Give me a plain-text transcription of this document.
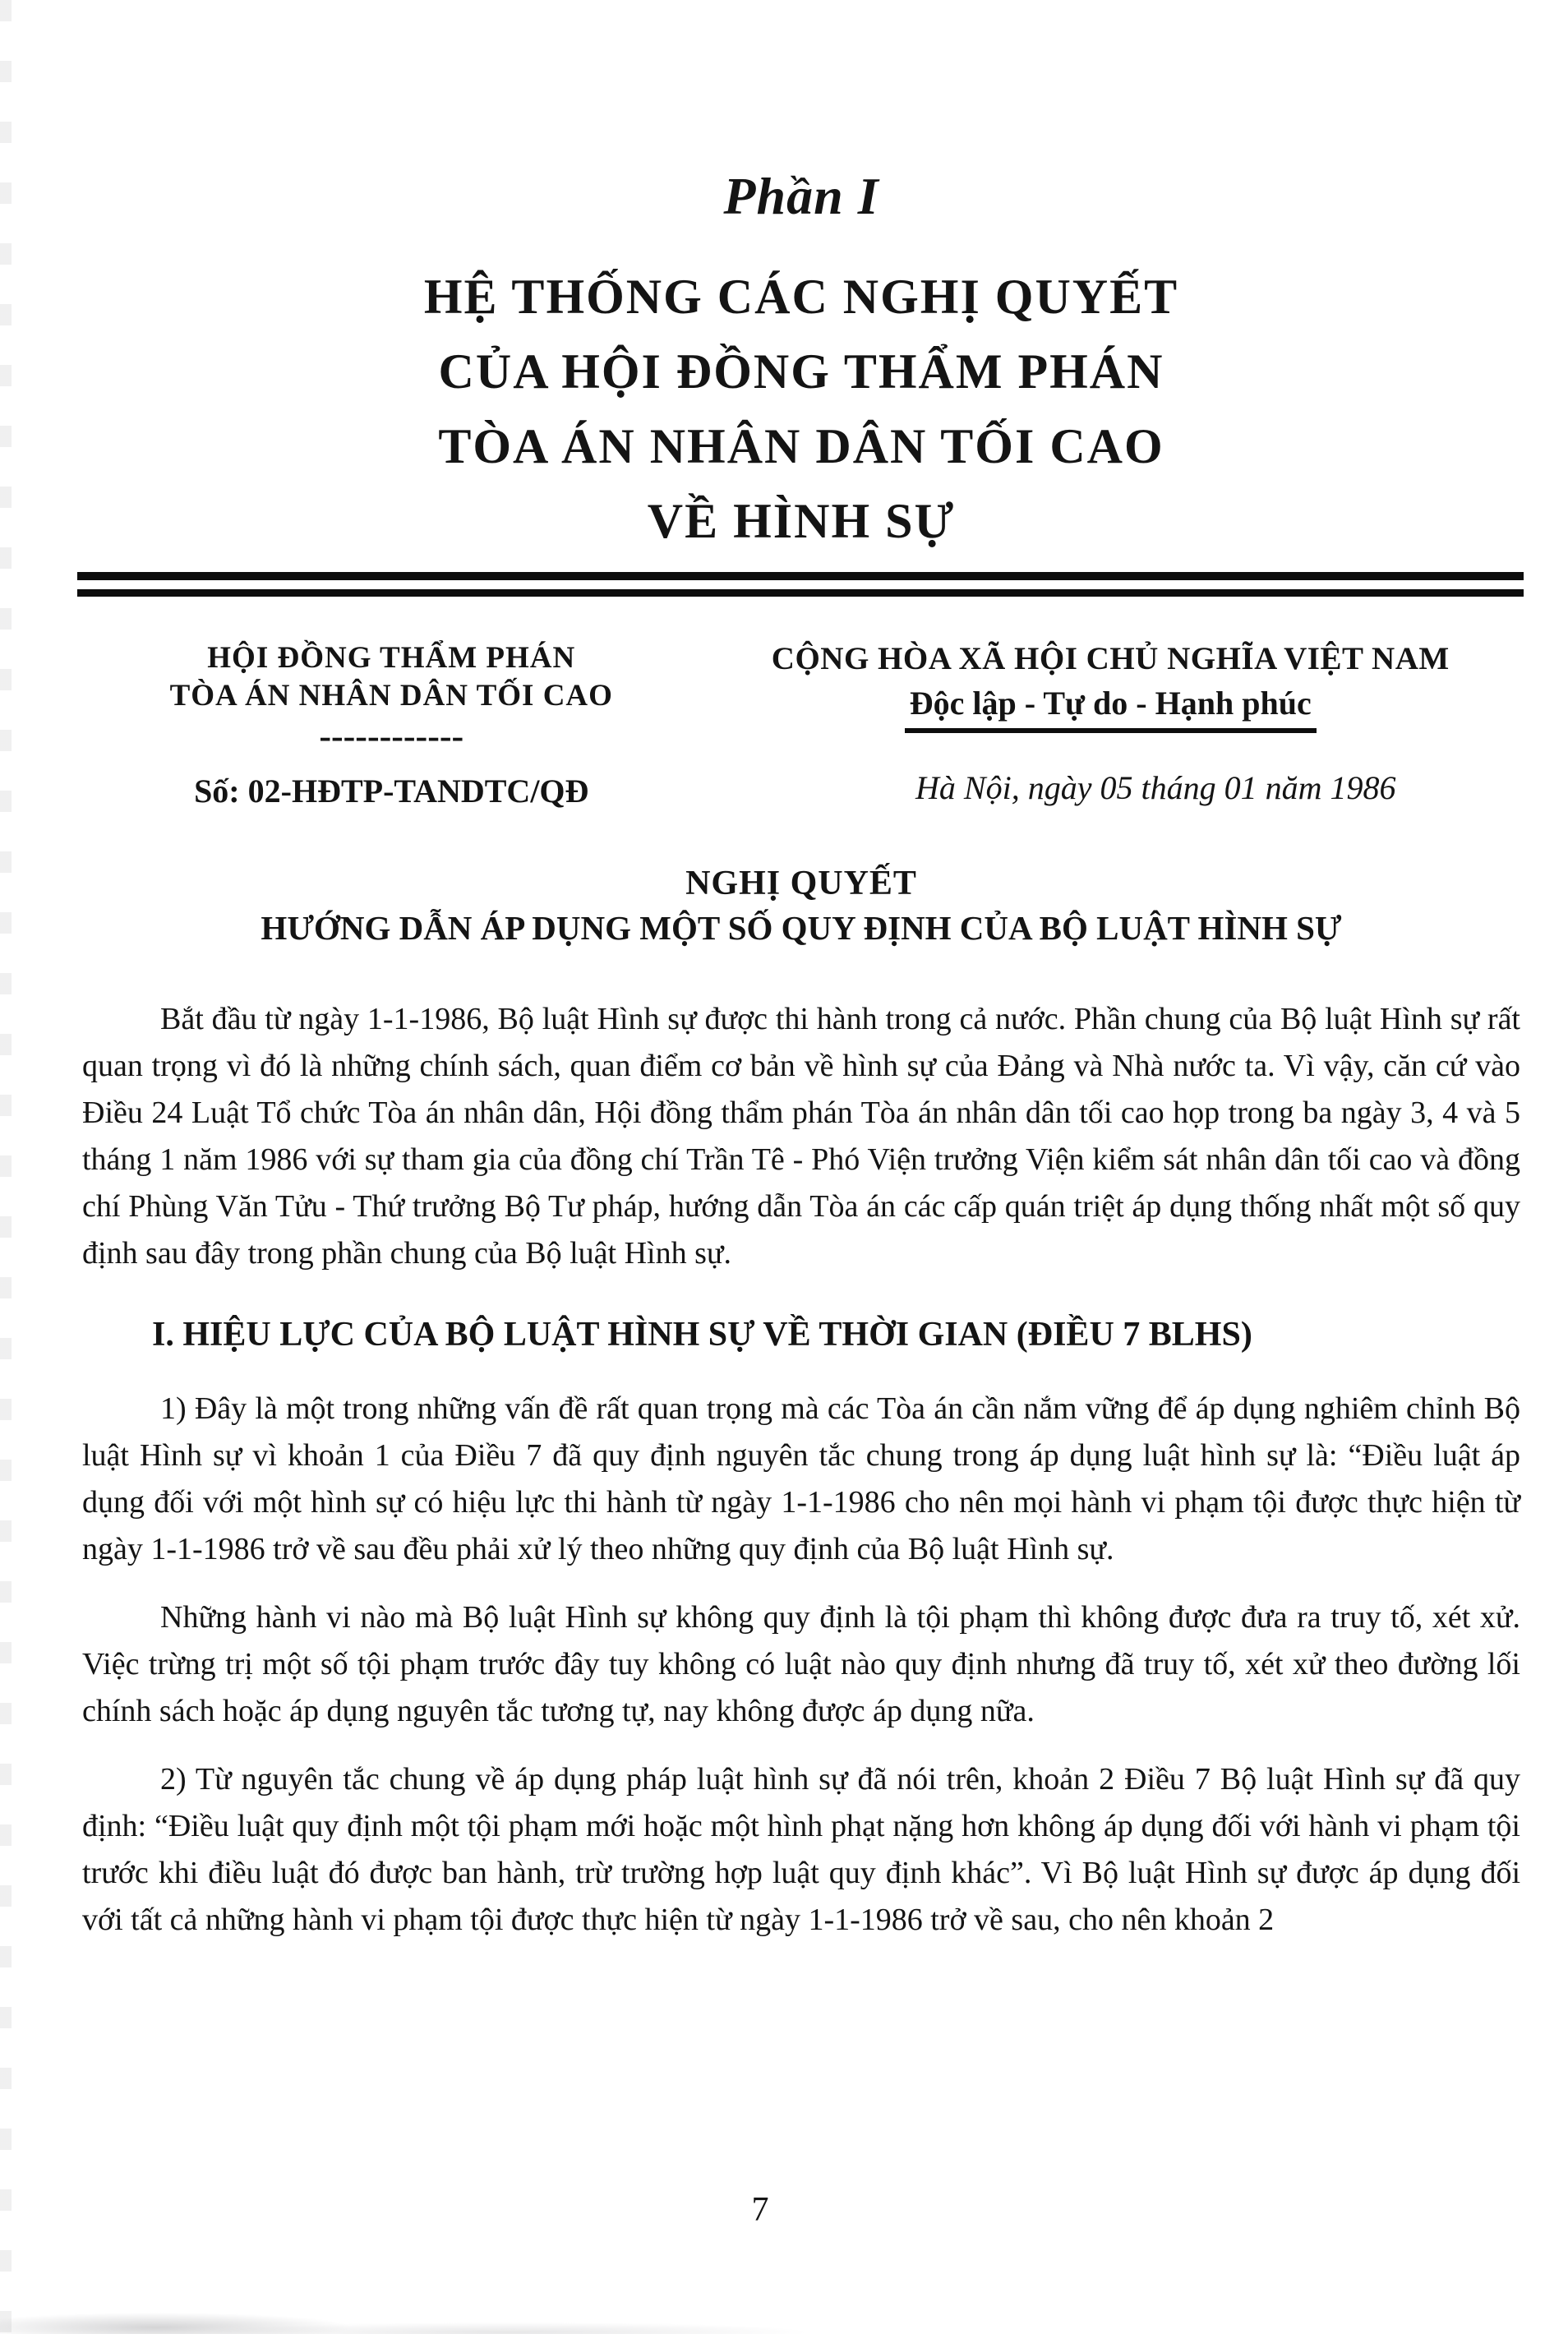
Phần I
HỆ THỐNG CÁC NGHỊ QUYẾT
CỦA HỘI ĐỒNG THẨM PHÁN
TÒA ÁN NHÂN DÂN TỐI CAO
VỀ HÌNH SỰ
HỘI ĐỒNG THẨM PHÁN
TÒA ÁN NHÂN DÂN TỐI CAO
------------
Số: 02-HĐTP-TANDTC/QĐ
CỘNG HÒA XÃ HỘI CHỦ NGHĨA VIỆT NAM
Độc lập - Tự do - Hạnh phúc
Hà Nội, ngày 05 tháng 01 năm 1986
NGHỊ QUYẾT
HƯỚNG DẪN ÁP DỤNG MỘT SỐ QUY ĐỊNH CỦA BỘ LUẬT HÌNH SỰ

Bắt đầu từ ngày 1-1-1986, Bộ luật Hình sự được thi hành trong cả nước. Phần chung của Bộ luật Hình sự rất quan trọng vì đó là những chính sách, quan điểm cơ bản về hình sự của Đảng và Nhà nước ta. Vì vậy, căn cứ vào Điều 24 Luật Tổ chức Tòa án nhân dân, Hội đồng thẩm phán Tòa án nhân dân tối cao họp trong ba ngày 3, 4 và 5 tháng 1 năm 1986 với sự tham gia của đồng chí Trần Tê - Phó Viện trưởng Viện kiểm sát nhân dân tối cao và đồng chí Phùng Văn Tửu - Thứ trưởng Bộ Tư pháp, hướng dẫn Tòa án các cấp quán triệt áp dụng thống nhất một số quy định sau đây trong phần chung của Bộ luật Hình sự.

I. HIỆU LỰC CỦA BỘ LUẬT HÌNH SỰ VỀ THỜI GIAN (ĐIỀU 7 BLHS)

1) Đây là một trong những vấn đề rất quan trọng mà các Tòa án cần nắm vững để áp dụng nghiêm chỉnh Bộ luật Hình sự vì khoản 1 của Điều 7 đã quy định nguyên tắc chung trong áp dụng luật hình sự là: “Điều luật áp dụng đối với một hình sự có hiệu lực thi hành từ ngày 1-1-1986 cho nên mọi hành vi phạm tội được thực hiện từ ngày 1-1-1986 trở về sau đều phải xử lý theo những quy định của Bộ luật Hình sự.

Những hành vi nào mà Bộ luật Hình sự không quy định là tội phạm thì không được đưa ra truy tố, xét xử. Việc trừng trị một số tội phạm trước đây tuy không có luật nào quy định nhưng đã truy tố, xét xử theo đường lối chính sách hoặc áp dụng nguyên tắc tương tự, nay không được áp dụng nữa.

2) Từ nguyên tắc chung về áp dụng pháp luật hình sự đã nói trên, khoản 2 Điều 7 Bộ luật Hình sự đã quy định: “Điều luật quy định một tội phạm mới hoặc một hình phạt nặng hơn không áp dụng đối với hành vi phạm tội trước khi điều luật đó được ban hành, trừ trường hợp luật quy định khác”. Vì Bộ luật Hình sự được áp dụng đối với tất cả những hành vi phạm tội được thực hiện từ ngày 1-1-1986 trở về sau, cho nên khoản 2

7
